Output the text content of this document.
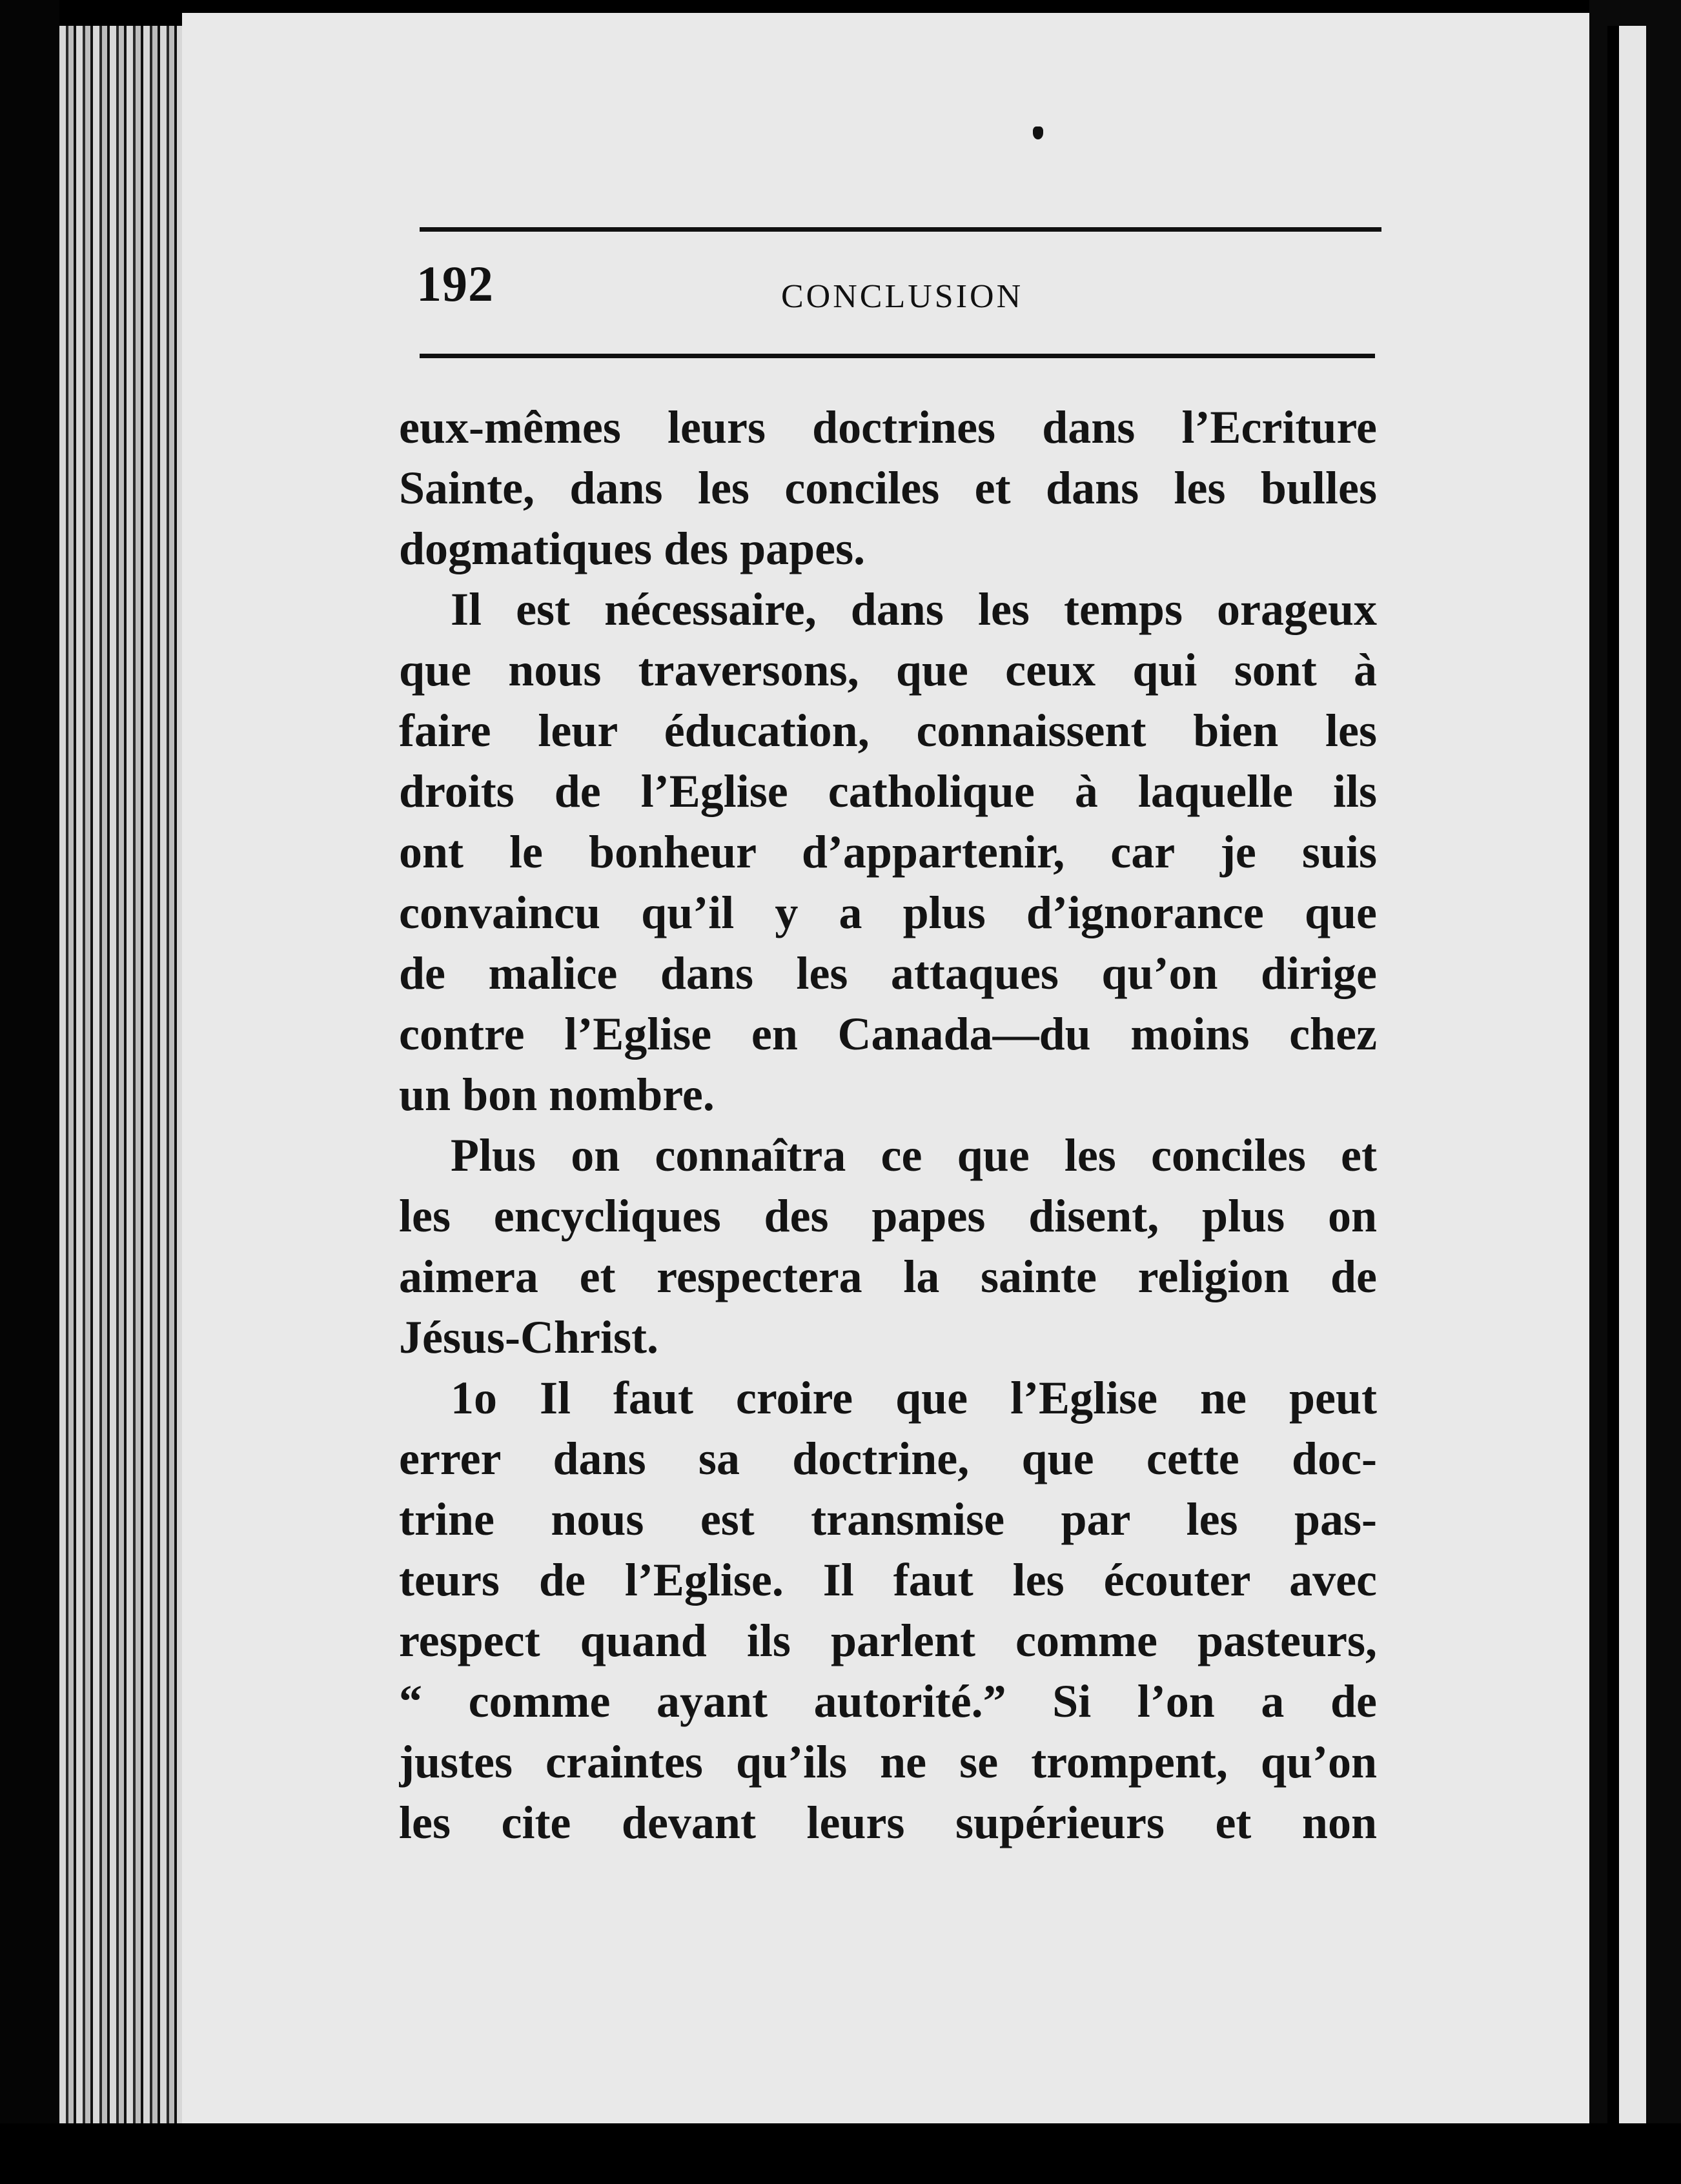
192	CONCLUSION
eux-mêmes leurs doctrines dans l’Ecriture
Sainte, dans les conciles et dans les bulles
dogmatiques des papes.
Il est nécessaire, dans les temps orageux
que nous traversons, que ceux qui sont à
faire leur éducation, connaissent bien les
droits de l’Eglise catholique à laquelle ils
ont le bonheur d’appartenir, car je suis
convaincu qu’il y a plus d’ignorance que
de malice dans les attaques qu’on dirige
contre l’Eglise en Canada—du moins chez
un bon nombre.
Plus on connaîtra ce que les conciles et
les encycliques des papes disent, plus on
aimera et respectera la sainte religion de
Jésus-Christ.
1o Il faut croire que l’Eglise ne peut
errer dans sa doctrine, que cette doc-
trine nous est transmise par les pas-
teurs de l’Eglise. Il faut les écouter avec
respect quand ils parlent comme pasteurs,
“ comme ayant autorité.” Si l’on a de
justes craintes qu’ils ne se trompent, qu’on
les cite devant leurs supérieurs et non
